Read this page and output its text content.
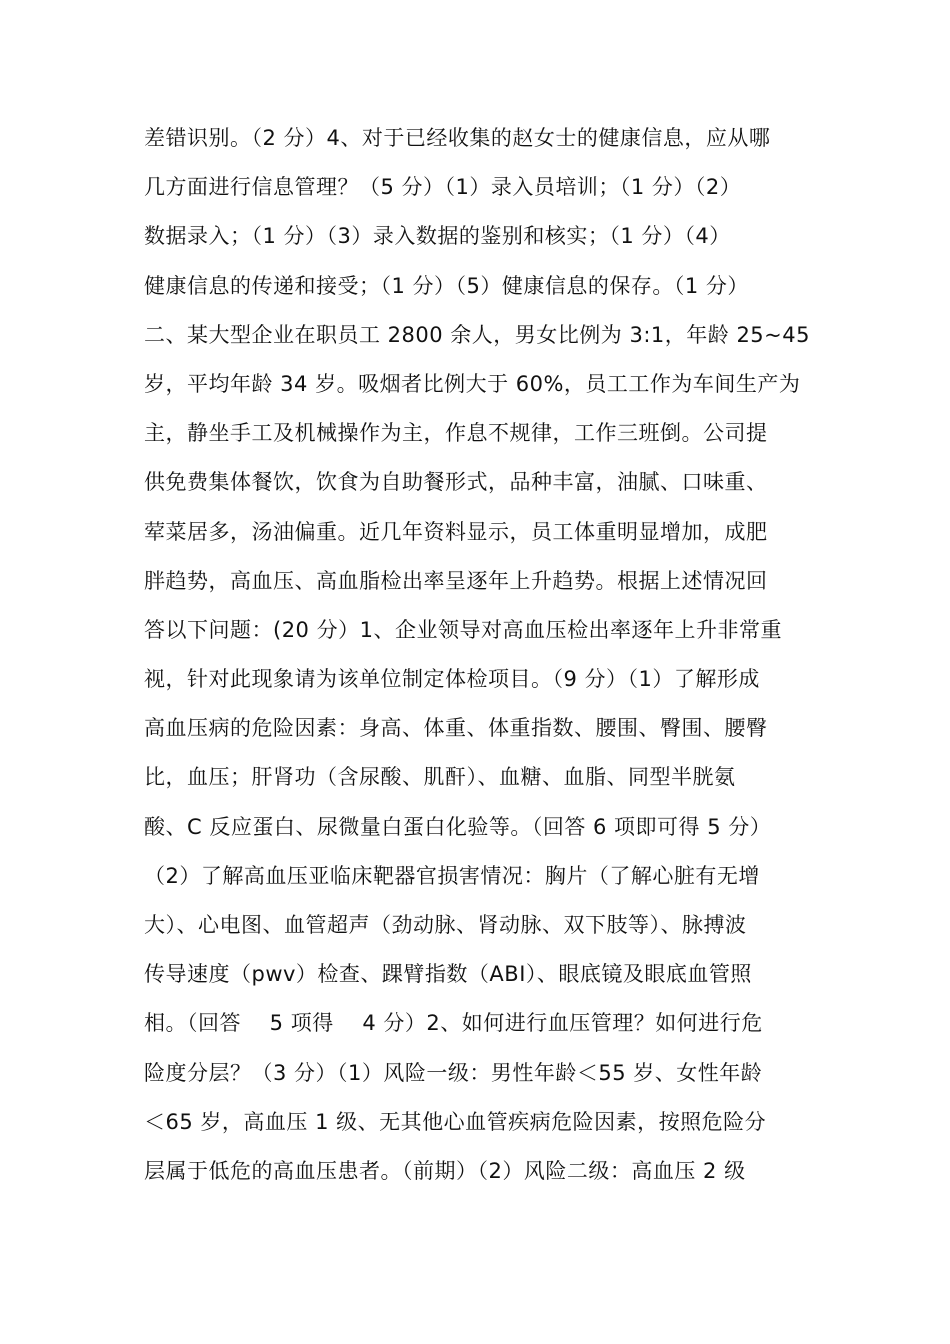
差错识别。（2 分）4、对于已经收集的赵女士的健康信息，应从哪
几方面进行信息管理？（5 分）（1）录入员培训；（1 分）（2）
数据录入；（1 分）（3）录入数据的鉴别和核实；（1 分）（4）
健康信息的传递和接受；（1 分）（5）健康信息的保存。（1 分）
二、某大型企业在职员工 2800 余人，男女比例为 3:1，年龄 25~45
岁，平均年龄 34 岁。吸烟者比例大于 60%，员工工作为车间生产为
主，静坐手工及机械操作为主，作息不规律，工作三班倒。公司提
供免费集体餐饮，饮食为自助餐形式，品种丰富，油腻、口味重、
荤菜居多，汤油偏重。近几年资料显示，员工体重明显增加，成肥
胖趋势，高血压、高血脂检出率呈逐年上升趋势。根据上述情况回
答以下问题：(20 分）1、企业领导对高血压检出率逐年上升非常重
视，针对此现象请为该单位制定体检项目。（9 分）（1）了解形成
高血压病的危险因素：身高、体重、体重指数、腰围、臀围、腰臀
比，血压；肝肾功（含尿酸、肌酐）、血糖、血脂、同型半胱氨
酸、C 反应蛋白、尿微量白蛋白化验等。（回答 6 项即可得 5 分）
（2）了解高血压亚临床靶器官损害情况：胸片（了解心脏有无增
大）、心电图、血管超声（劲动脉、肾动脉、双下肢等）、脉搏波
传导速度（pwv）检查、踝臂指数（ABI）、眼底镜及眼底血管照
相。（回答　 5 项得　 4 分）2、如何进行血压管理？如何进行危
险度分层？（3 分）（1）风险一级：男性年龄＜55 岁、女性年龄
＜65 岁，高血压 1 级、无其他心血管疾病危险因素，按照危险分
层属于低危的高血压患者。（前期）（2）风险二级：高血压 2 级
